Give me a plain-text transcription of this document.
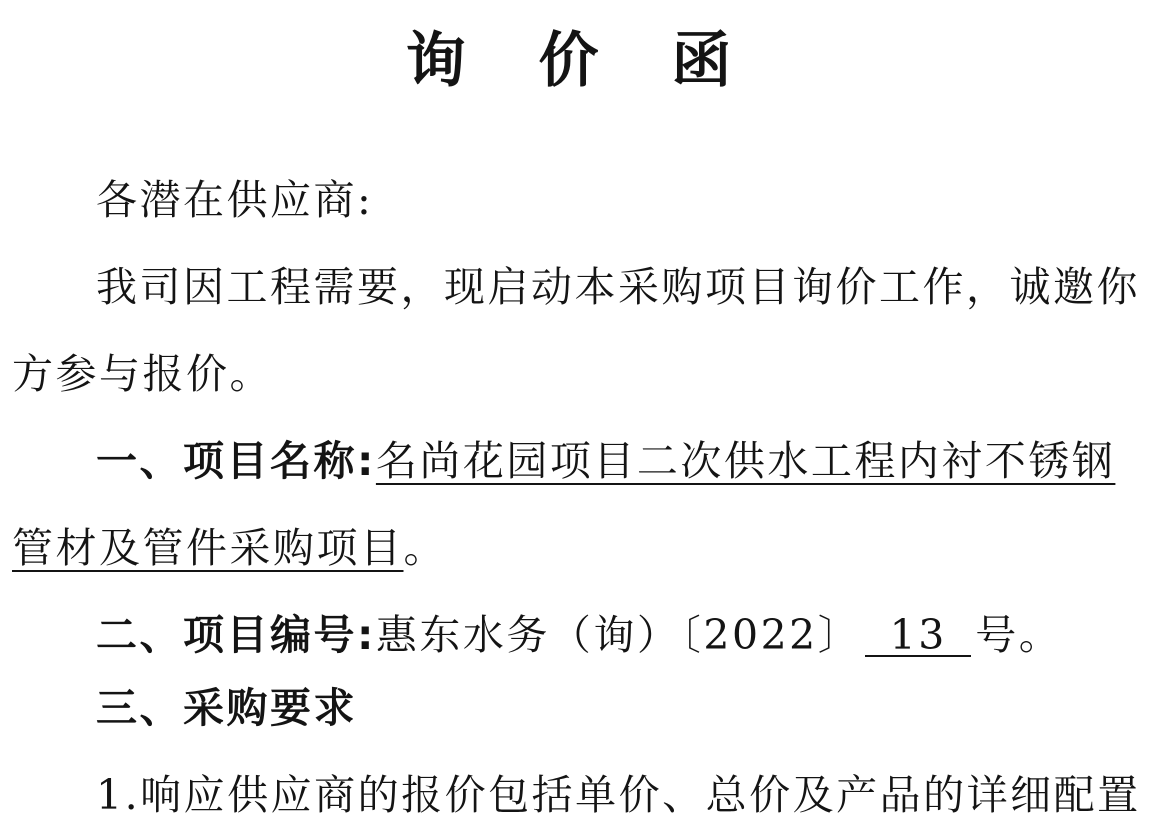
询 价 函
各潜在供应商:
我司因工程需要，现启动本采购项目询价工作，诚邀你
方参与报价。
一、项目名称:名尚花园项目二次供水工程内衬不锈钢
管材及管件采购项目。
二、项目编号:惠东水务（询）〔2022〕 13 号。
三、采购要求
1.响应供应商的报价包括单价、总价及产品的详细配置
